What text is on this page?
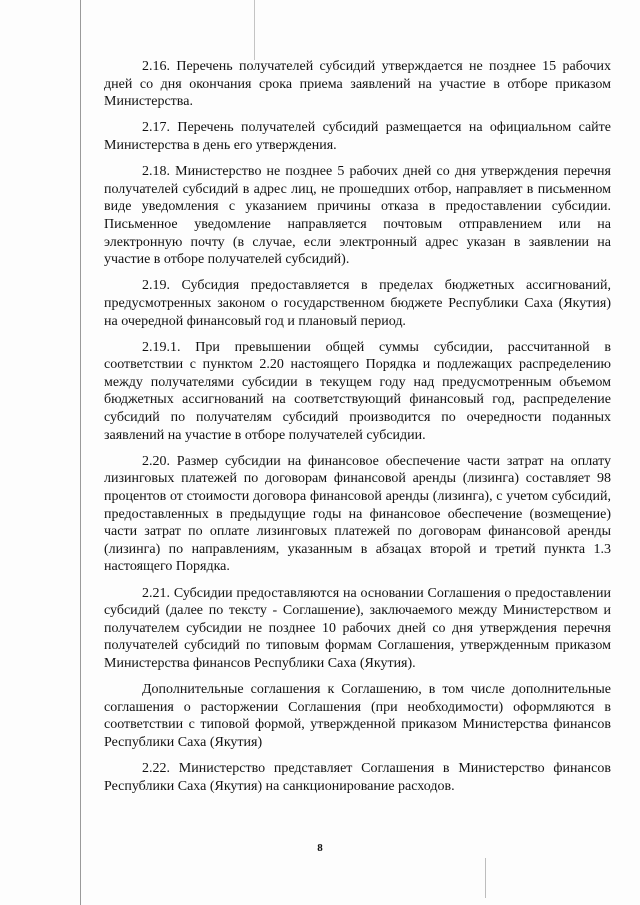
2.16. Перечень получателей субсидий утверждается не позднее 15 рабочих дней со дня окончания срока приема заявлений на участие в отборе приказом Министерства.

2.17. Перечень получателей субсидий размещается на официальном сайте Министерства в день его утверждения.

2.18. Министерство не позднее 5 рабочих дней со дня утверждения перечня получателей субсидий в адрес лиц, не прошедших отбор, направляет в письменном виде уведомления с указанием причины отказа в предоставлении субсидии. Письменное уведомление направляется почтовым отправлением или на электронную почту (в случае, если электронный адрес указан в заявлении на участие в отборе получателей субсидий).

2.19. Субсидия предоставляется в пределах бюджетных ассигнований, предусмотренных законом о государственном бюджете Республики Саха (Якутия) на очередной финансовый год и плановый период.

2.19.1. При превышении общей суммы субсидии, рассчитанной в соответствии с пунктом 2.20 настоящего Порядка и подлежащих распределению между получателями субсидии в текущем году над предусмотренным объемом бюджетных ассигнований на соответствующий финансовый год, распределение субсидий по получателям субсидий производится по очередности поданных заявлений на участие в отборе получателей субсидии.

2.20. Размер субсидии на финансовое обеспечение части затрат на оплату лизинговых платежей по договорам финансовой аренды (лизинга) составляет 98 процентов от стоимости договора финансовой аренды (лизинга), с учетом субсидий, предоставленных в предыдущие годы на финансовое обеспечение (возмещение) части затрат по оплате лизинговых платежей по договорам финансовой аренды (лизинга) по направлениям, указанным в абзацах второй и третий пункта 1.3 настоящего Порядка.

2.21. Субсидии предоставляются на основании Соглашения о предоставлении субсидий (далее по тексту - Соглашение), заключаемого между Министерством и получателем субсидии не позднее 10 рабочих дней со дня утверждения перечня получателей субсидий по типовым формам Соглашения, утвержденным приказом Министерства финансов Республики Саха (Якутия).

Дополнительные соглашения к Соглашению, в том числе дополнительные соглашения о расторжении Соглашения (при необходимости) оформляются в соответствии с типовой формой, утвержденной приказом Министерства финансов Республики Саха (Якутия)

2.22. Министерство представляет Соглашения в Министерство финансов Республики Саха (Якутия) на санкционирование расходов.

8
